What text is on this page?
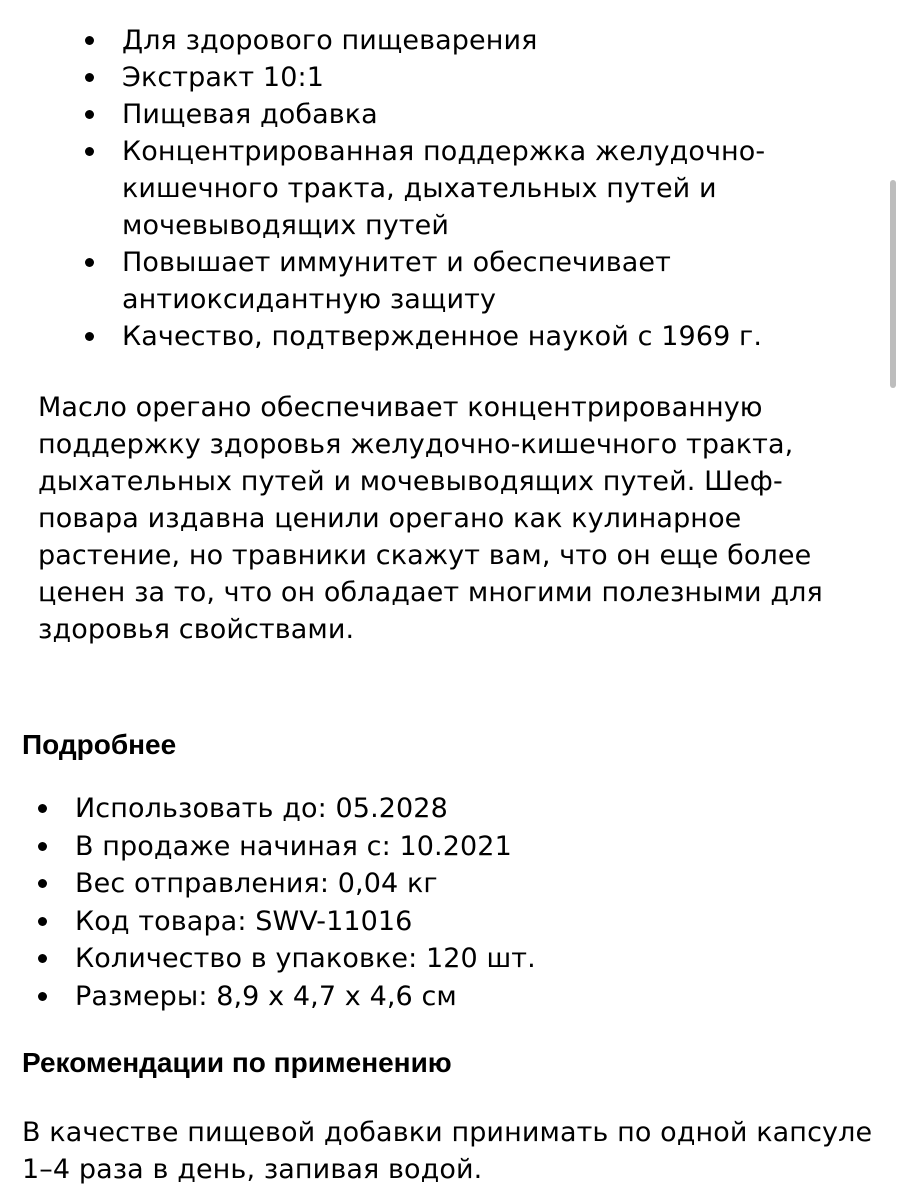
Для здорового пищеварения
Экстракт 10:1
Пищевая добавка
Концентрированная поддержка желудочно-кишечного тракта, дыхательных путей и мочевыводящих путей
Повышает иммунитет и обеспечивает антиоксидантную защиту
Качество, подтвержденное наукой с 1969 г.

Масло орегано обеспечивает концентрированную поддержку здоровья желудочно-кишечного тракта, дыхательных путей и мочевыводящих путей. Шеф-повара издавна ценили орегано как кулинарное растение, но травники скажут вам, что он еще более ценен за то, что он обладает многими полезными для здоровья свойствами.

Подробнее
Использовать до: 05.2028
В продаже начиная с: 10.2021
Вес отправления: 0,04 кг
Код товара: SWV-11016
Количество в упаковке: 120 шт.
Размеры: 8,9 x 4,7 x 4,6 см
Рекомендации по применению

В качестве пищевой добавки принимать по одной капсуле 1–4 раза в день, запивая водой.
